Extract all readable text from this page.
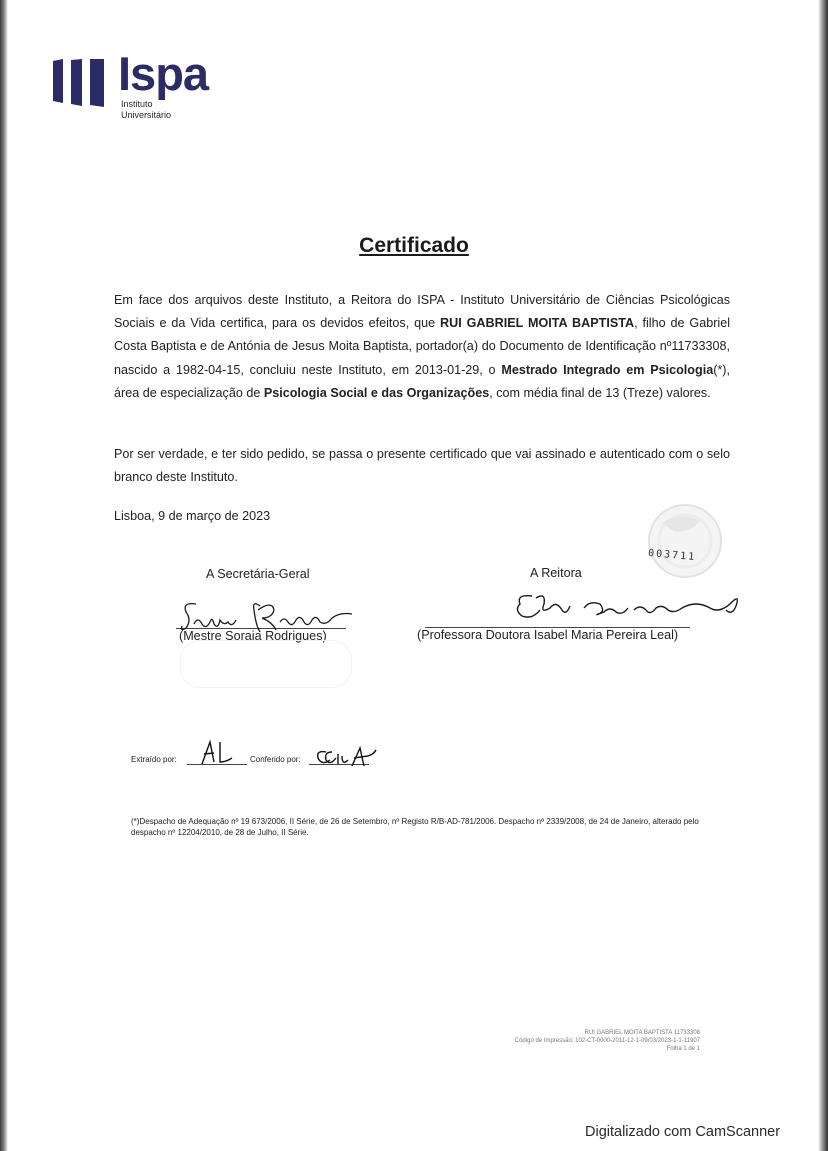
Ispa
Instituto
Universitário
Certificado
Em face dos arquivos deste Instituto, a Reitora do ISPA - Instituto Universitário de Ciências Psicológicas Sociais e da Vida certifica, para os devidos efeitos, que RUI GABRIEL MOITA BAPTISTA, filho de Gabriel Costa Baptista e de Antónia de Jesus Moita Baptista, portador(a) do Documento de Identificação nº11733308, nascido a 1982-04-15, concluiu neste Instituto, em 2013-01-29, o Mestrado Integrado em Psicologia(*), área de especialização de Psicologia Social e das Organizações, com média final de 13 (Treze) valores.
Por ser verdade, e ter sido pedido, se passa o presente certificado que vai assinado e autenticado com o selo branco deste Instituto.
Lisboa, 9 de março de 2023
003711
A Secretária-Geral	A Reitora
(Mestre Soraia Rodrigues)	(Professora Doutora Isabel Maria Pereira Leal)
Extraído por:	Conferido por:
(*)Despacho de Adequação nº 19 673/2006, II Série, de 26 de Setembro, nº Registo R/B-AD-781/2006. Despacho nº 2339/2008, de 24 de Janeiro, alterado pelo despacho nº 12204/2010, de 28 de Julho, II Série.
RUI GABRIEL MOITA BAPTISTA 11733308
Código de Impressão: 102-CT-0000-2011-12-1-09/03/2023-1-1-11907
Folha 1 de 1
Digitalizado com CamScanner
